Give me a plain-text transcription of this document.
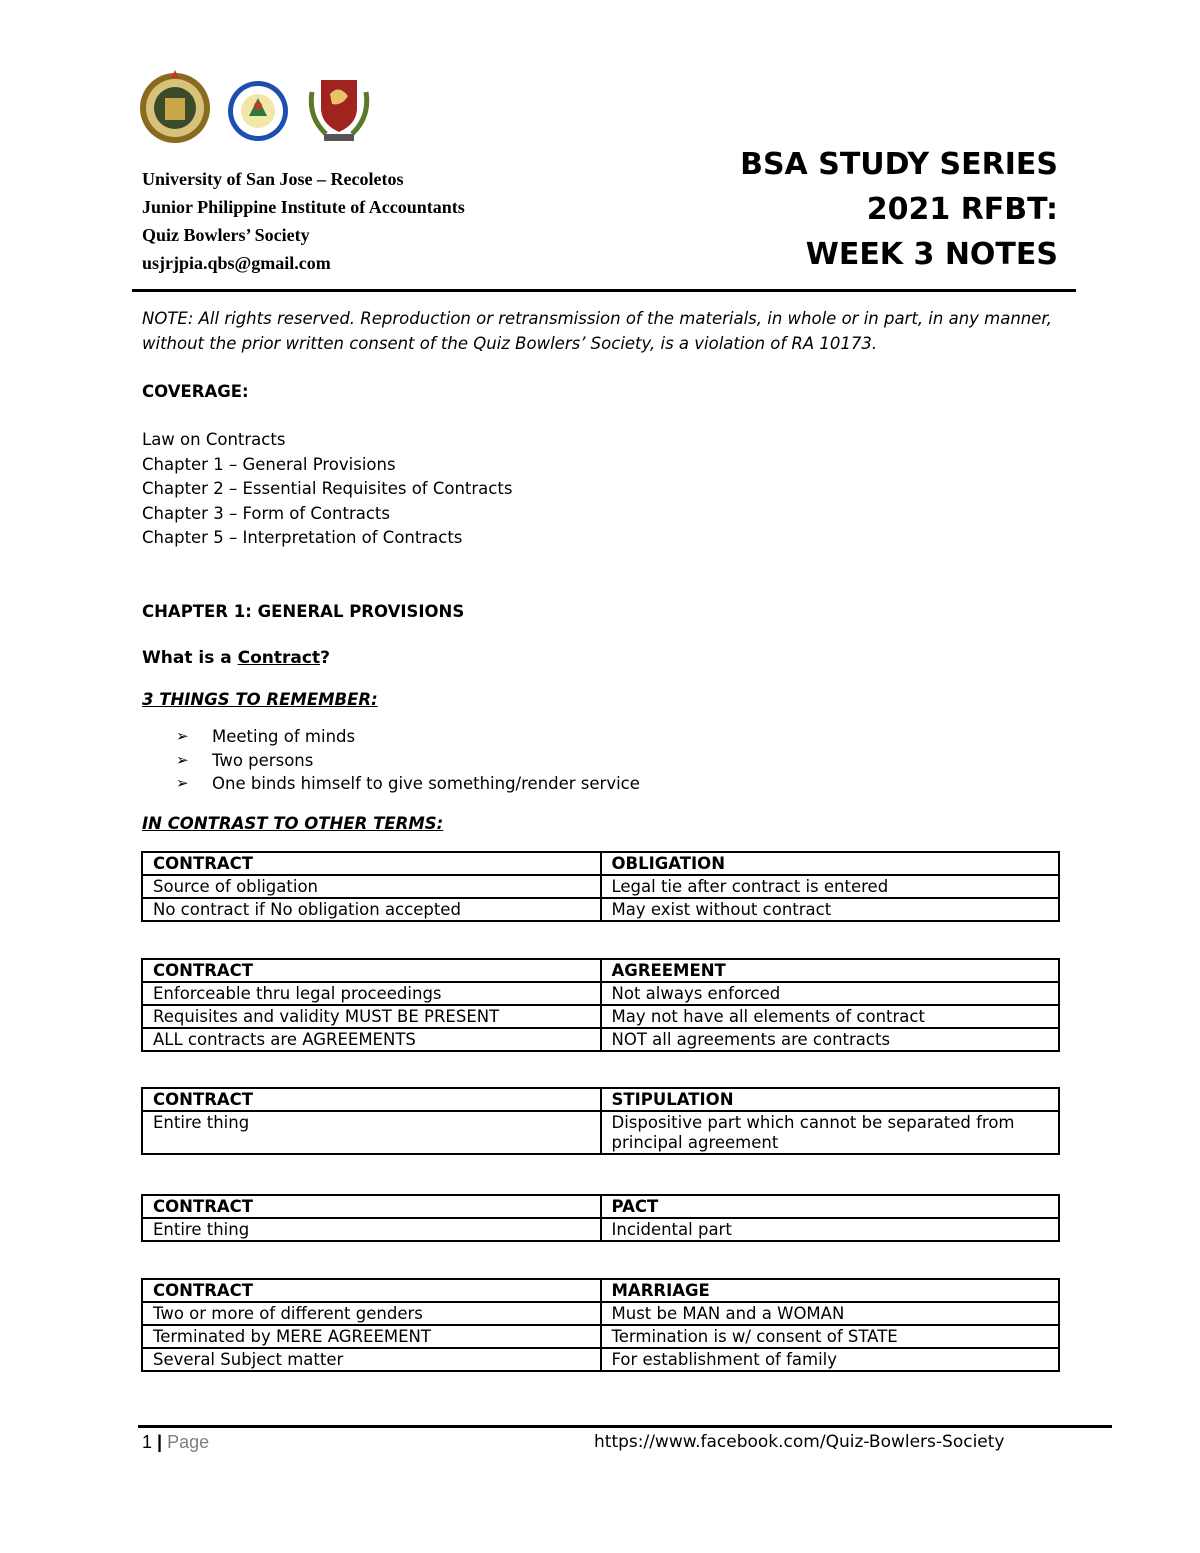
University of San Jose – Recoletos
Junior Philippine Institute of Accountants
Quiz Bowlers’ Society
usjrjpia.qbs@gmail.com
BSA STUDY SERIES
2021 RFBT:
WEEK 3 NOTES
NOTE: All rights reserved. Reproduction or retransmission of the materials, in whole or in part, in any manner, without the prior written consent of the Quiz Bowlers’ Society, is a violation of RA 10173.
COVERAGE:
Law on Contracts
Chapter 1 – General Provisions
Chapter 2 – Essential Requisites of Contracts
Chapter 3 – Form of Contracts
Chapter 5 – Interpretation of Contracts
CHAPTER 1: GENERAL PROVISIONS
What is a Contract?
3 THINGS TO REMEMBER:
➢ Meeting of minds
➢ Two persons
➢ One binds himself to give something/render service
IN CONTRAST TO OTHER TERMS:
CONTRACT	OBLIGATION
Source of obligation	Legal tie after contract is entered
No contract if No obligation accepted	May exist without contract
CONTRACT	AGREEMENT
Enforceable thru legal proceedings	Not always enforced
Requisites and validity MUST BE PRESENT	May not have all elements of contract
ALL contracts are AGREEMENTS	NOT all agreements are contracts
CONTRACT	STIPULATION
Entire thing	Dispositive part which cannot be separated from principal agreement
CONTRACT	PACT
Entire thing	Incidental part
CONTRACT	MARRIAGE
Two or more of different genders	Must be MAN and a WOMAN
Terminated by MERE AGREEMENT	Termination is w/ consent of STATE
Several Subject matter	For establishment of family
1 | Page	https://www.facebook.com/Quiz-Bowlers-Society
